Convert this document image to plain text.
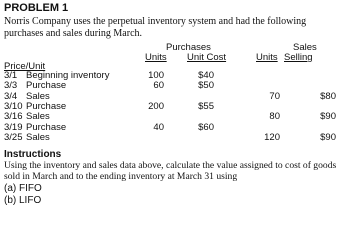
PROBLEM 1
Norris Company uses the perpetual inventory system and had the following purchases and sales during March.
Purchases
Units Unit Cost
Sales
Units Selling
Price/Unit
3/1 Beginning inventory	100	$40
3/3 Purchase	60	$50
3/4 Sales	70	$80
3/10 Purchase	200	$55
3/16 Sales	80	$90
3/19 Purchase	40	$60
3/25 Sales	120	$90
Instructions
Using the inventory and sales data above, calculate the value assigned to cost of goods sold in March and to the ending inventory at March 31 using
(a) FIFO
(b) LIFO
